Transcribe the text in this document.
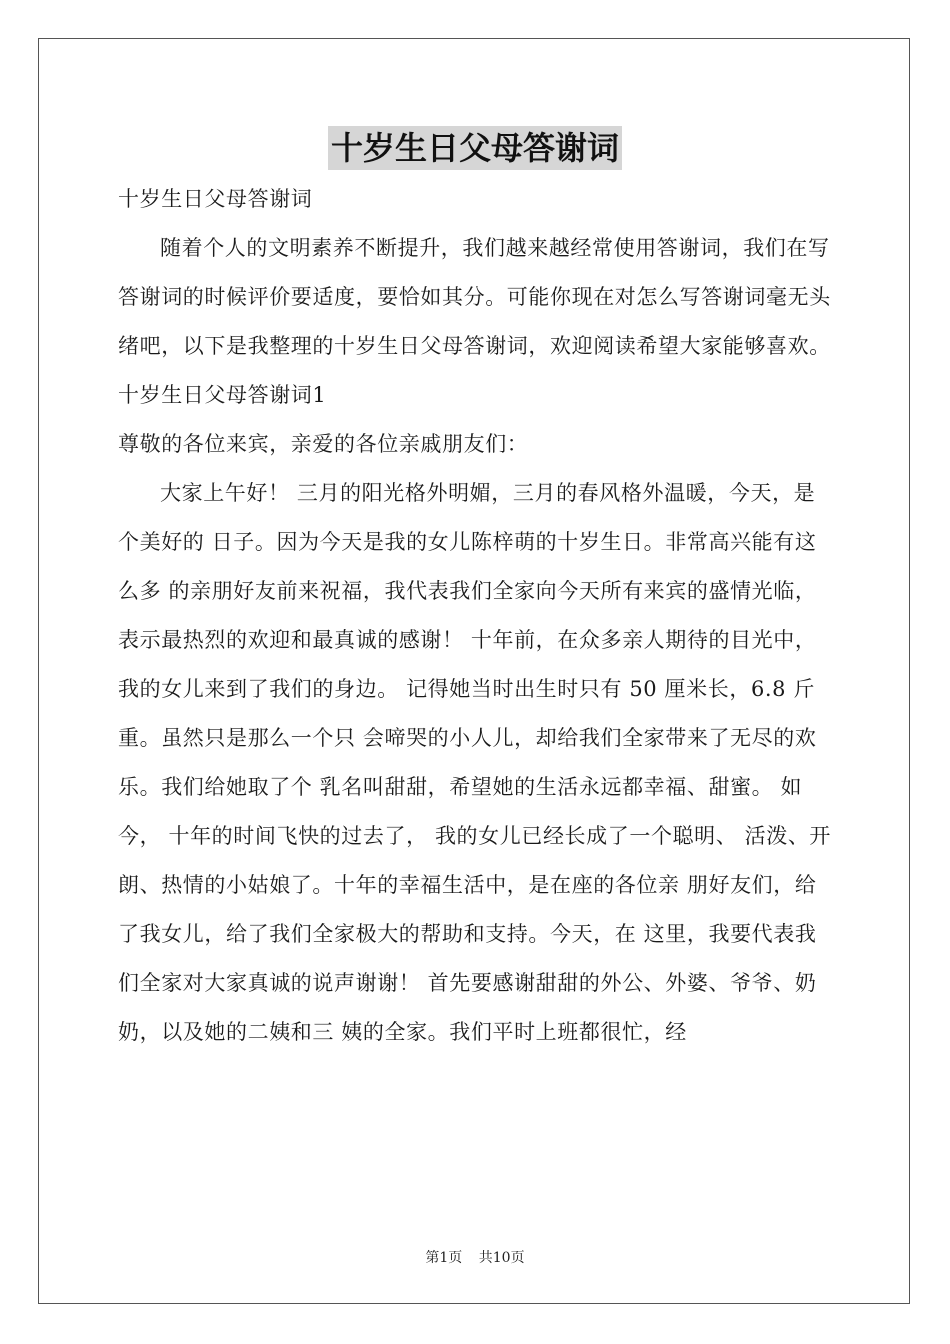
十岁生日父母答谢词

十岁生日父母答谢词

随着个人的文明素养不断提升，我们越来越经常使用答谢词，我们在写答谢词的时候评价要适度，要恰如其分。可能你现在对怎么写答谢词毫无头绪吧，以下是我整理的十岁生日父母答谢词，欢迎阅读希望大家能够喜欢。

十岁生日父母答谢词1

尊敬的各位来宾，亲爱的各位亲戚朋友们：

大家上午好！ 三月的阳光格外明媚，三月的春风格外温暖，今天，是个美好的 日子。因为今天是我的女儿陈梓萌的十岁生日。非常高兴能有这么多 的亲朋好友前来祝福，我代表我们全家向今天所有来宾的盛情光临， 表示最热烈的欢迎和最真诚的感谢！ 十年前，在众多亲人期待的目光中， 我的女儿来到了我们的身边。 记得她当时出生时只有 50 厘米长，6.8 斤重。虽然只是那么一个只 会啼哭的小人儿，却给我们全家带来了无尽的欢乐。我们给她取了个 乳名叫甜甜，希望她的生活永远都幸福、甜蜜。 如今， 十年的时间飞快的过去了， 我的女儿已经长成了一个聪明、 活泼、开朗、热情的小姑娘了。十年的幸福生活中，是在座的各位亲 朋好友们，给了我女儿，给了我们全家极大的帮助和支持。今天，在 这里，我要代表我们全家对大家真诚的说声谢谢！ 首先要感谢甜甜的外公、外婆、爷爷、奶奶，以及她的二姨和三 姨的全家。我们平时上班都很忙，经

第1页 共10页
